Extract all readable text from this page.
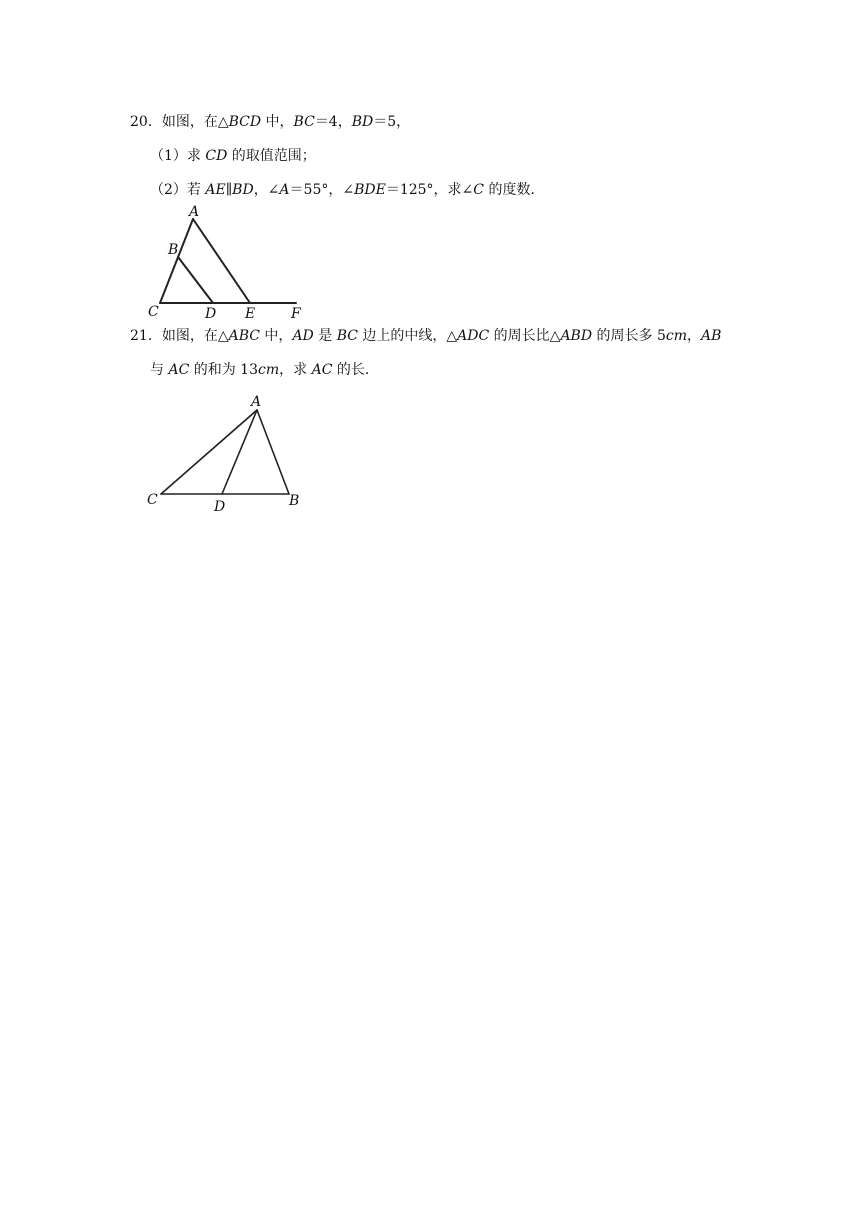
20．如图，在△BCD 中，BC＝4，BD＝5，
（1）求 CD 的取值范围；
（2）若 AE∥BD，∠A＝55°，∠BDE＝125°，求∠C 的度数．
A
B
C	D E	F
21．如图，在△ABC 中，AD 是 BC 边上的中线，△ADC 的周长比△ABD 的周长多 5cm，AB
与 AC 的和为 13cm，求 AC 的长．
A
B
C	D
